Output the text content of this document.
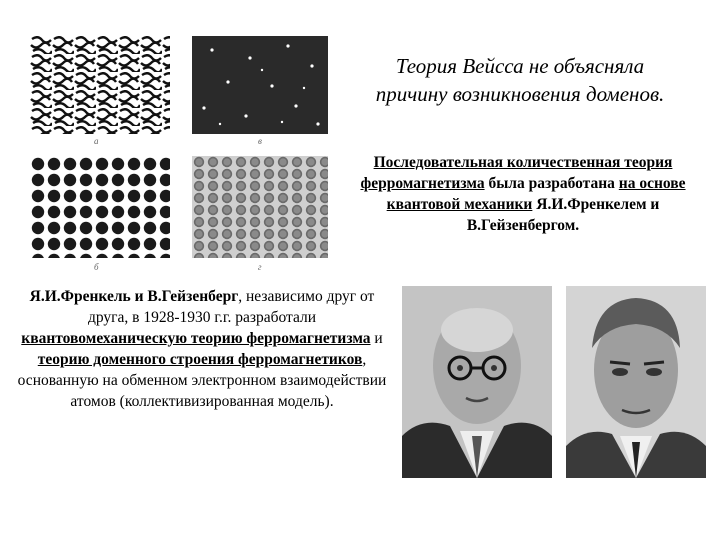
а	в
б	г
Теория Вейсса не объясняла
причину возникновения доменов.
Последовательная количественная теория ферромагнетизма была разработана на основе квантовой механики Я.И.Френкелем и В.Гейзенбергом.
Я.И.Френкель и В.Гейзенберг, независимо друг от друга, в 1928-1930 г.г. разработали квантовомеханическую теорию ферромагнетизма и теорию доменного строения ферромагнетиков, основанную на обменном электронном взаимодействии атомов (коллективизированная модель).
